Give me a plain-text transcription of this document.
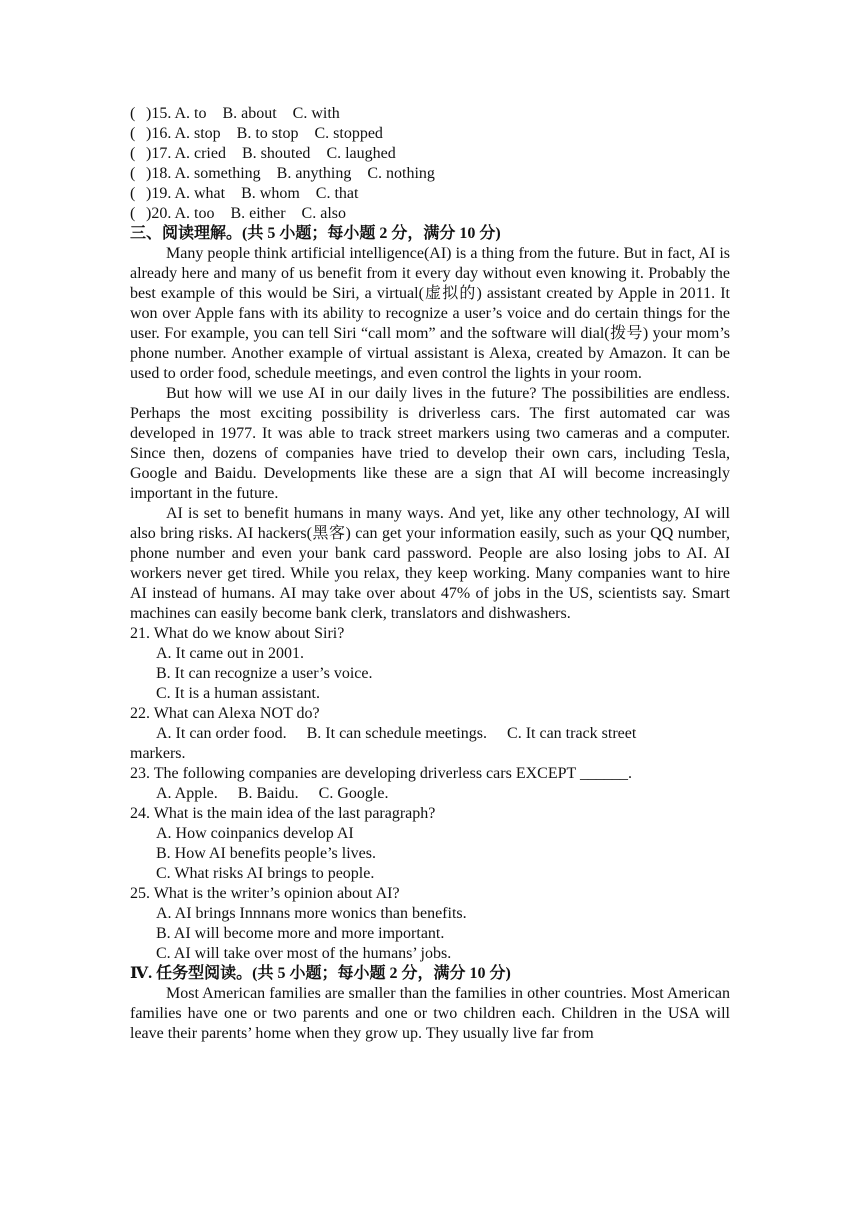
( )15. A. to B. about C. with
( )16. A. stop B. to stop C. stopped
( )17. A. cried B. shouted C. laughed
( )18. A. something B. anything C. nothing
( )19. A. what B. whom C. that
( )20. A. too B. either C. also
三、阅读理解。(共 5 小题；每小题 2 分，满分 10 分)

Many people think artificial intelligence(AI) is a thing from the future. But in fact, AI is already here and many of us benefit from it every day without even knowing it. Probably the best example of this would be Siri, a virtual(虚拟的) assistant created by Apple in 2011. It won over Apple fans with its ability to recognize a user’s voice and do certain things for the user. For example, you can tell Siri “call mom” and the software will dial(拨号) your mom’s phone number. Another example of virtual assistant is Alexa, created by Amazon. It can be used to order food, schedule meetings, and even control the lights in your room.

But how will we use AI in our daily lives in the future? The possibilities are endless. Perhaps the most exciting possibility is driverless cars. The first automated car was developed in 1977. It was able to track street markers using two cameras and a computer. Since then, dozens of companies have tried to develop their own cars, including Tesla, Google and Baidu. Developments like these are a sign that AI will become increasingly important in the future.

AI is set to benefit humans in many ways. And yet, like any other technology, AI will also bring risks. AI hackers(黑客) can get your information easily, such as your QQ number, phone number and even your bank card password. People are also losing jobs to AI. AI workers never get tired. While you relax, they keep working. Many companies want to hire AI instead of humans. AI may take over about 47% of jobs in the US, scientists say. Smart machines can easily become bank clerk, translators and dishwashers.

21. What do we know about Siri?
A. It came out in 2001.
B. It can recognize a user’s voice.
C. It is a human assistant.
22. What can Alexa NOT do?
A. It can order food. B. It can schedule meetings. C. It can track street
markers.
23. The following companies are developing driverless cars EXCEPT ______.
A. Apple. B. Baidu. C. Google.
24. What is the main idea of the last paragraph?
A. How coinpanics develop AI
B. How AI benefits people’s lives.
C. What risks AI brings to people.
25. What is the writer’s opinion about AI?
A. AI brings Innnans more wonics than benefits.
B. AI will become more and more important.
C. AI will take over most of the humans’ jobs.
Ⅳ. 任务型阅读。(共 5 小题；每小题 2 分，满分 10 分)

Most American families are smaller than the families in other countries. Most American families have one or two parents and one or two children each. Children in the USA will leave their parents’ home when they grow up. They usually live far from
